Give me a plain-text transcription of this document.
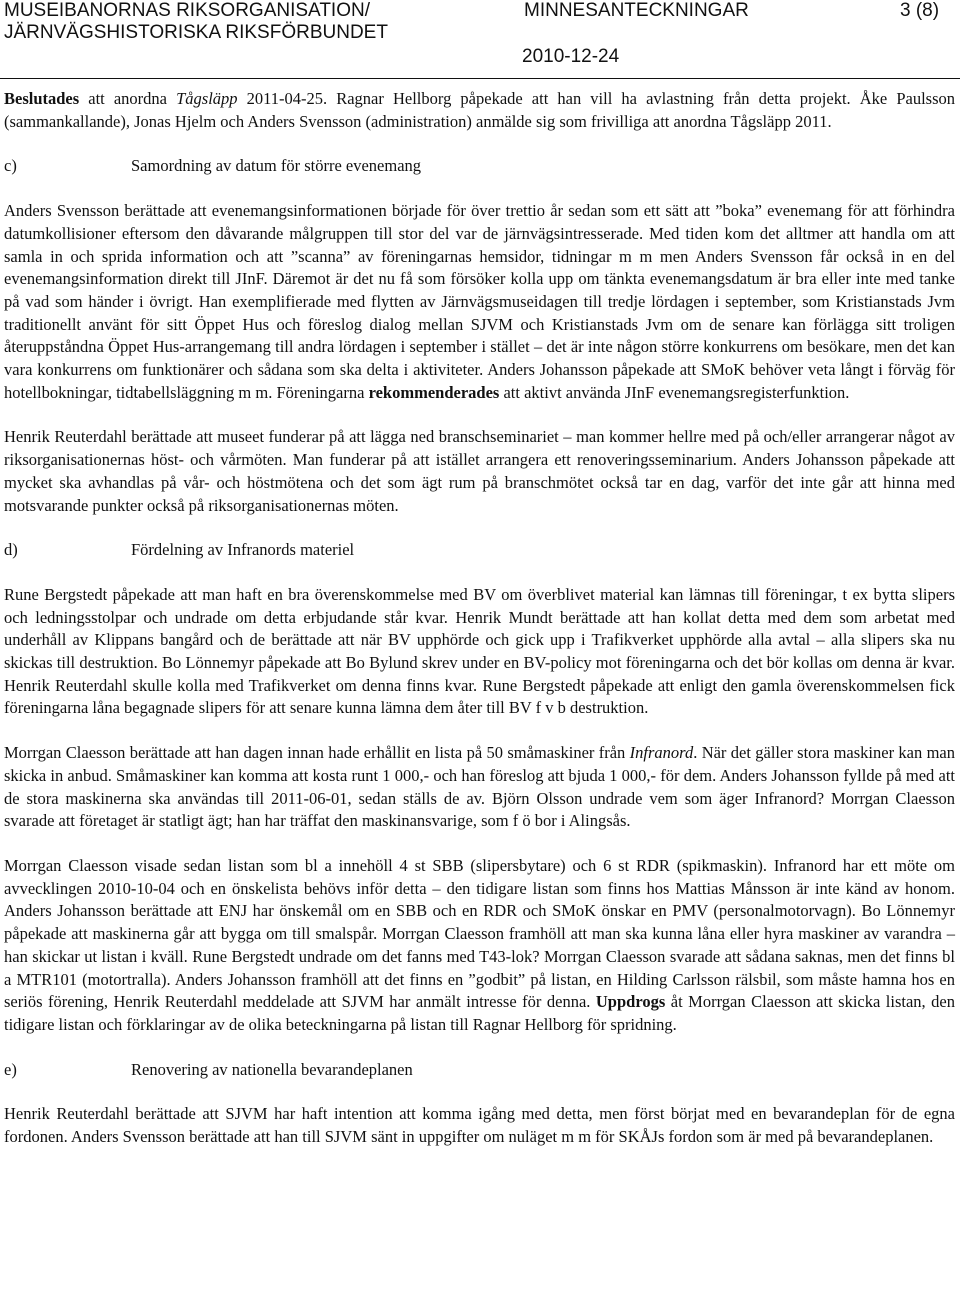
MUSEIBANORNAS RIKSORGANISATION/
JÄRNVÄGSHISTORISKA RIKSFÖRBUNDET
MINNESANTECKNINGAR	3 (8)
2010-12-24

Beslutades att anordna Tågsläpp 2011-04-25. Ragnar Hellborg påpekade att han vill ha avlastning från detta projekt. Åke Paulsson (sammankallande), Jonas Hjelm och Anders Svensson (administration) anmälde sig som frivilliga att anordna Tågsläpp 2011.

c)	Samordning av datum för större evenemang

Anders Svensson berättade att evenemangsinformationen började för över trettio år sedan som ett sätt att ”boka” evenemang för att förhindra datumkollisioner eftersom den dåvarande målgruppen till stor del var de järnvägsintresserade. Med tiden kom det alltmer att handla om att samla in och sprida information och att ”scanna” av föreningarnas hemsidor, tidningar m m men Anders Svensson får också in en del evenemangsinformation direkt till JInF. Däremot är det nu få som försöker kolla upp om tänkta evenemangsdatum är bra eller inte med tanke på vad som händer i övrigt. Han exemplifierade med flytten av Järnvägsmuseidagen till tredje lördagen i september, som Kristianstads Jvm traditionellt använt för sitt Öppet Hus och föreslog dialog mellan SJVM och Kristianstads Jvm om de senare kan förlägga sitt troligen återuppståndna Öppet Hus-arrangemang till andra lördagen i september i stället – det är inte någon större konkurrens om besökare, men det kan vara konkurrens om funktionärer och sådana som ska delta i aktiviteter. Anders Johansson påpekade att SMoK behöver veta långt i förväg för hotellbokningar, tidtabellsläggning m m. Föreningarna rekommenderades att aktivt använda JInF evenemangsregisterfunktion.

Henrik Reuterdahl berättade att museet funderar på att lägga ned branschseminariet – man kommer hellre med på och/eller arrangerar något av riksorganisationernas höst- och vårmöten. Man funderar på att istället arrangera ett renoveringsseminarium. Anders Johansson påpekade att mycket ska avhandlas på vår- och höstmötena och det som ägt rum på branschmötet också tar en dag, varför det inte går att hinna med motsvarande punkter också på riksorganisationernas möten.

d)	Fördelning av Infranords materiel

Rune Bergstedt påpekade att man haft en bra överenskommelse med BV om överblivet material kan lämnas till föreningar, t ex bytta slipers och ledningsstolpar och undrade om detta erbjudande står kvar. Henrik Mundt berättade att han kollat detta med dem som arbetat med underhåll av Klippans bangård och de berättade att när BV upphörde och gick upp i Trafikverket upphörde alla avtal – alla slipers ska nu skickas till destruktion. Bo Lönnemyr påpekade att Bo Bylund skrev under en BV-policy mot föreningarna och det bör kollas om denna är kvar. Henrik Reuterdahl skulle kolla med Trafikverket om denna finns kvar. Rune Bergstedt påpekade att enligt den gamla överenskommelsen fick föreningarna låna begagnade slipers för att senare kunna lämna dem åter till BV f v b destruktion.

Morrgan Claesson berättade att han dagen innan hade erhållit en lista på 50 småmaskiner från Infranord. När det gäller stora maskiner kan man skicka in anbud. Småmaskiner kan komma att kosta runt 1 000,- och han föreslog att bjuda 1 000,- för dem. Anders Johansson fyllde på med att de stora maskinerna ska användas till 2011-06-01, sedan ställs de av. Björn Olsson undrade vem som äger Infranord? Morrgan Claesson svarade att företaget är statligt ägt; han har träffat den maskinansvarige, som f ö bor i Alingsås.

Morrgan Claesson visade sedan listan som bl a innehöll 4 st SBB (slipersbytare) och 6 st RDR (spikmaskin). Infranord har ett möte om avvecklingen 2010-10-04 och en önskelista behövs inför detta – den tidigare listan som finns hos Mattias Månsson är inte känd av honom. Anders Johansson berättade att ENJ har önskemål om en SBB och en RDR och SMoK önskar en PMV (personalmotorvagn). Bo Lönnemyr påpekade att maskinerna går att bygga om till smalspår. Morrgan Claesson framhöll att man ska kunna låna eller hyra maskiner av varandra – han skickar ut listan i kväll. Rune Bergstedt undrade om det fanns med T43-lok? Morrgan Claesson svarade att sådana saknas, men det finns bl a MTR101 (motortralla). Anders Johansson framhöll att det finns en ”godbit” på listan, en Hilding Carlsson rälsbil, som måste hamna hos en seriös förening, Henrik Reuterdahl meddelade att SJVM har anmält intresse för denna. Uppdrogs åt Morrgan Claesson att skicka listan, den tidigare listan och förklaringar av de olika beteckningarna på listan till Ragnar Hellborg för spridning.

e)	Renovering av nationella bevarandeplanen

Henrik Reuterdahl berättade att SJVM har haft intention att komma igång med detta, men först börjat med en bevarandeplan för de egna fordonen. Anders Svensson berättade att han till SJVM sänt in uppgifter om nuläget m m för SKÅJs fordon som är med på bevarandeplanen.
